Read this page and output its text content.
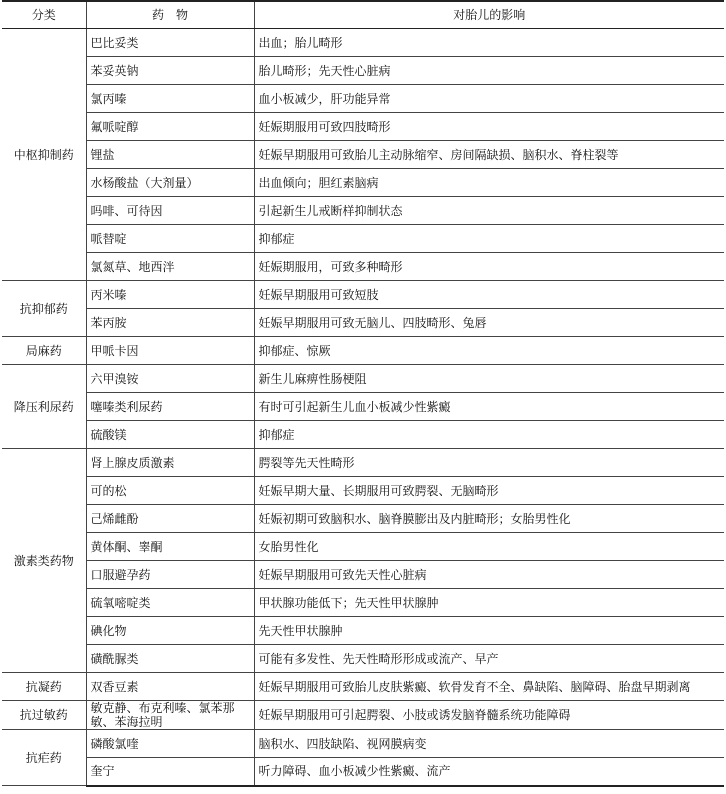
分类	药　物	对胎儿的影响
中枢抑制药	巴比妥类	出血；胎儿畸形
	苯妥英钠	胎儿畸形；先天性心脏病
	氯丙嗪	血小板减少，肝功能异常
	氟哌啶醇	妊娠期服用可致四肢畸形
	锂盐	妊娠早期服用可致胎儿主动脉缩窄、房间隔缺损、脑积水、脊柱裂等
	水杨酸盐（大剂量）	出血倾向；胆红素脑病
	吗啡、可待因	引起新生儿戒断样抑制状态
	哌替啶	抑郁症
	氯氮草、地西泮	妊娠期服用，可致多种畸形
抗抑郁药	丙米嗪	妊娠早期服用可致短肢
	苯丙胺	妊娠早期服用可致无脑儿、四肢畸形、兔唇
局麻药	甲哌卡因	抑郁症、惊厥
降压利尿药	六甲溴铵	新生儿麻痹性肠梗阻
	噻嗪类利尿药	有时可引起新生儿血小板减少性紫癜
	硫酸镁	抑郁症
激素类药物	肾上腺皮质激素	腭裂等先天性畸形
	可的松	妊娠早期大量、长期服用可致腭裂、无脑畸形
	己烯雌酚	妊娠初期可致脑积水、脑脊膜膨出及内脏畸形；女胎男性化
	黄体酮、睾酮	女胎男性化
	口服避孕药	妊娠早期服用可致先天性心脏病
	硫氧嘧啶类	甲状腺功能低下；先天性甲状腺肿
	碘化物	先天性甲状腺肿
	磺酰脲类	可能有多发性、先天性畸形形成或流产、早产
抗凝药	双香豆素	妊娠早期服用可致胎儿皮肤紫癜、软骨发育不全、鼻缺陷、脑障碍、胎盘早期剥离
抗过敏药	敏克静、布克利嗪、氯苯那敏、苯海拉明	妊娠早期服用可引起腭裂、小肢或诱发脑脊髓系统功能障碍
抗疟药	磷酸氯喹	脑积水、四肢缺陷、视网膜病变
	奎宁	听力障碍、血小板减少性紫癜、流产
